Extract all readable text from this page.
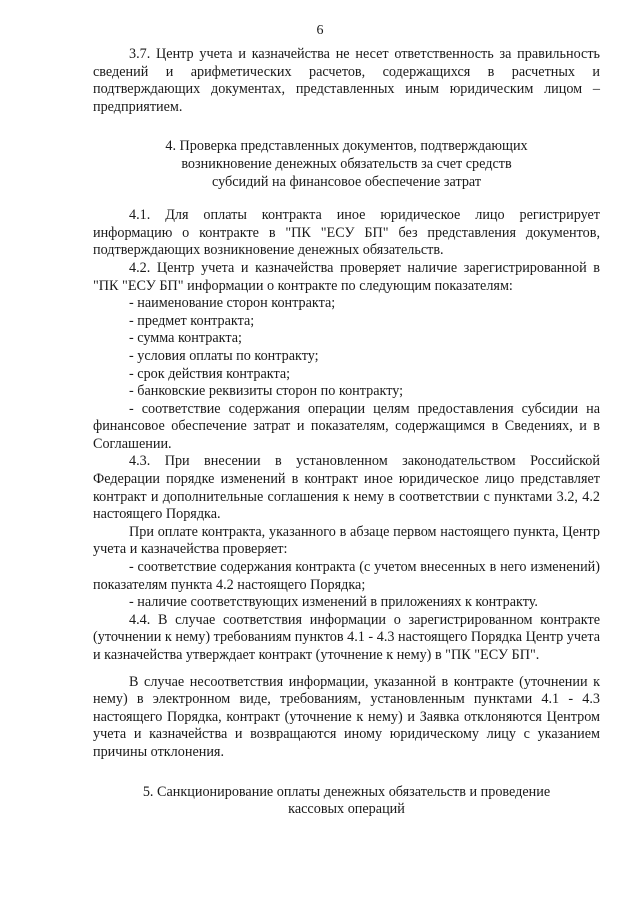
6

3.7. Центр учета и казначейства не несет ответственность за правильность сведений и арифметических расчетов, содержащихся в расчетных и подтверждающих документах, представленных иным юридическим лицом – предприятием.

4. Проверка представленных документов, подтверждающих

возникновение денежных обязательств за счет средств

субсидий на финансовое обеспечение затрат

4.1. Для оплаты контракта иное юридическое лицо регистрирует информацию о контракте в "ПК "ЕСУ БП" без представления документов, подтверждающих возникновение денежных обязательств.

4.2. Центр учета и казначейства проверяет наличие зарегистрированной в "ПК "ЕСУ БП" информации о контракте по следующим показателям:

- наименование сторон контракта;

- предмет контракта;

- сумма контракта;

- условия оплаты по контракту;

- срок действия контракта;

- банковские реквизиты сторон по контракту;

- соответствие содержания операции целям предоставления субсидии на финансовое обеспечение затрат и показателям, содержащимся в Сведениях, и в Соглашении.

4.3. При внесении в установленном законодательством Российской Федерации порядке изменений в контракт иное юридическое лицо представляет контракт и дополнительные соглашения к нему в соответствии с пунктами 3.2, 4.2 настоящего Порядка.

При оплате контракта, указанного в абзаце первом настоящего пункта, Центр учета и казначейства проверяет:

- соответствие содержания контракта (с учетом внесенных в него изменений) показателям пункта 4.2 настоящего Порядка;

- наличие соответствующих изменений в приложениях к контракту.

4.4. В случае соответствия информации о зарегистрированном контракте (уточнении к нему) требованиям пунктов 4.1 - 4.3 настоящего Порядка Центр учета и казначейства утверждает контракт (уточнение к нему) в "ПК "ЕСУ БП".

В случае несоответствия информации, указанной в контракте (уточнении к нему) в электронном виде, требованиям, установленным пунктами 4.1 - 4.3 настоящего Порядка, контракт (уточнение к нему) и Заявка отклоняются Центром учета и казначейства и возвращаются иному юридическому лицу с указанием причины отклонения.

5. Санкционирование оплаты денежных обязательств и проведение

кассовых операций
